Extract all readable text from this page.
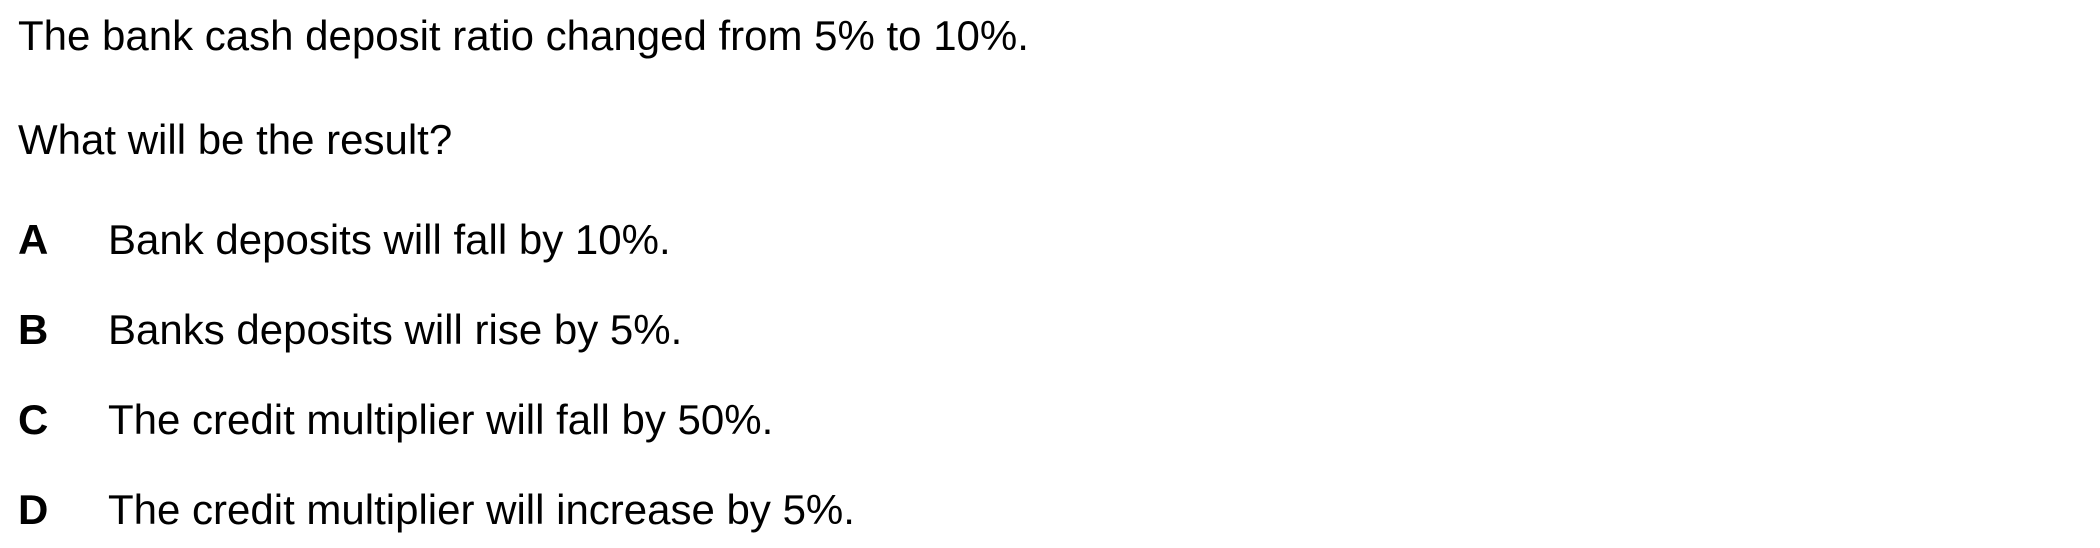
The bank cash deposit ratio changed from 5% to 10%.
What will be the result?
A Bank deposits will fall by 10%.
B Banks deposits will rise by 5%.
C The credit multiplier will fall by 50%.
D The credit multiplier will increase by 5%.
